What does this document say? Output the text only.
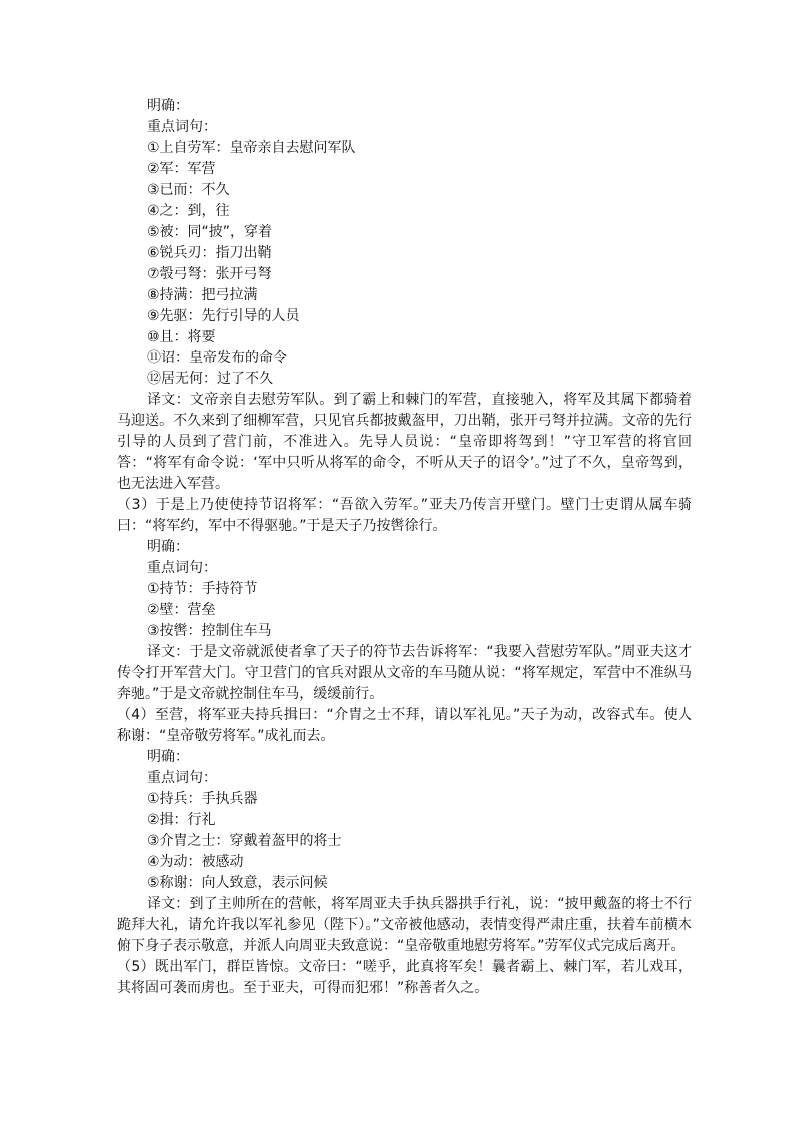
明确：
重点词句：
①上自劳军：皇帝亲自去慰问军队
②军：军营
③已而：不久
④之：到，往
⑤被：同“披”，穿着
⑥锐兵刃：指刀出鞘
⑦彀弓弩：张开弓弩
⑧持满：把弓拉满
⑨先驱：先行引导的人员
⑩且：将要
⑪诏：皇帝发布的命令
⑫居无何：过了不久
译文：文帝亲自去慰劳军队。到了霸上和棘门的军营，直接驰入，将军及其属下都骑着马迎送。不久来到了细柳军营，只见官兵都披戴盔甲，刀出鞘，张开弓弩并拉满。文帝的先行引导的人员到了营门前，不准进入。先导人员说：“皇帝即将驾到！”守卫军营的将官回答：“将军有命令说：‘军中只听从将军的命令，不听从天子的诏令’。”过了不久，皇帝驾到，也无法进入军营。
（3）于是上乃使使持节诏将军：“吾欲入劳军。”亚夫乃传言开壁门。壁门士吏谓从属车骑曰：“将军约，军中不得驱驰。”于是天子乃按辔徐行。
明确：
重点词句：
①持节：手持符节
②壁：营垒
③按辔：控制住车马
译文：于是文帝就派使者拿了天子的符节去告诉将军：“我要入营慰劳军队。”周亚夫这才传令打开军营大门。守卫营门的官兵对跟从文帝的车马随从说：“将军规定，军营中不准纵马奔驰。”于是文帝就控制住车马，缓缓前行。
（4）至营，将军亚夫持兵揖曰：“介胄之士不拜，请以军礼见。”天子为动，改容式车。使人称谢：“皇帝敬劳将军。”成礼而去。
明确：
重点词句：
①持兵：手执兵器
②揖：行礼
③介胄之士：穿戴着盔甲的将士
④为动：被感动
⑤称谢：向人致意，表示问候
译文：到了主帅所在的营帐，将军周亚夫手执兵器拱手行礼，说：“披甲戴盔的将士不行跪拜大礼，请允许我以军礼参见（陛下）。”文帝被他感动，表情变得严肃庄重，扶着车前横木俯下身子表示敬意，并派人向周亚夫致意说：“皇帝敬重地慰劳将军。”劳军仪式完成后离开。
（5）既出军门，群臣皆惊。文帝曰：“嗟乎，此真将军矣！曩者霸上、棘门军，若儿戏耳，其将固可袭而虏也。至于亚夫，可得而犯邪！”称善者久之。
